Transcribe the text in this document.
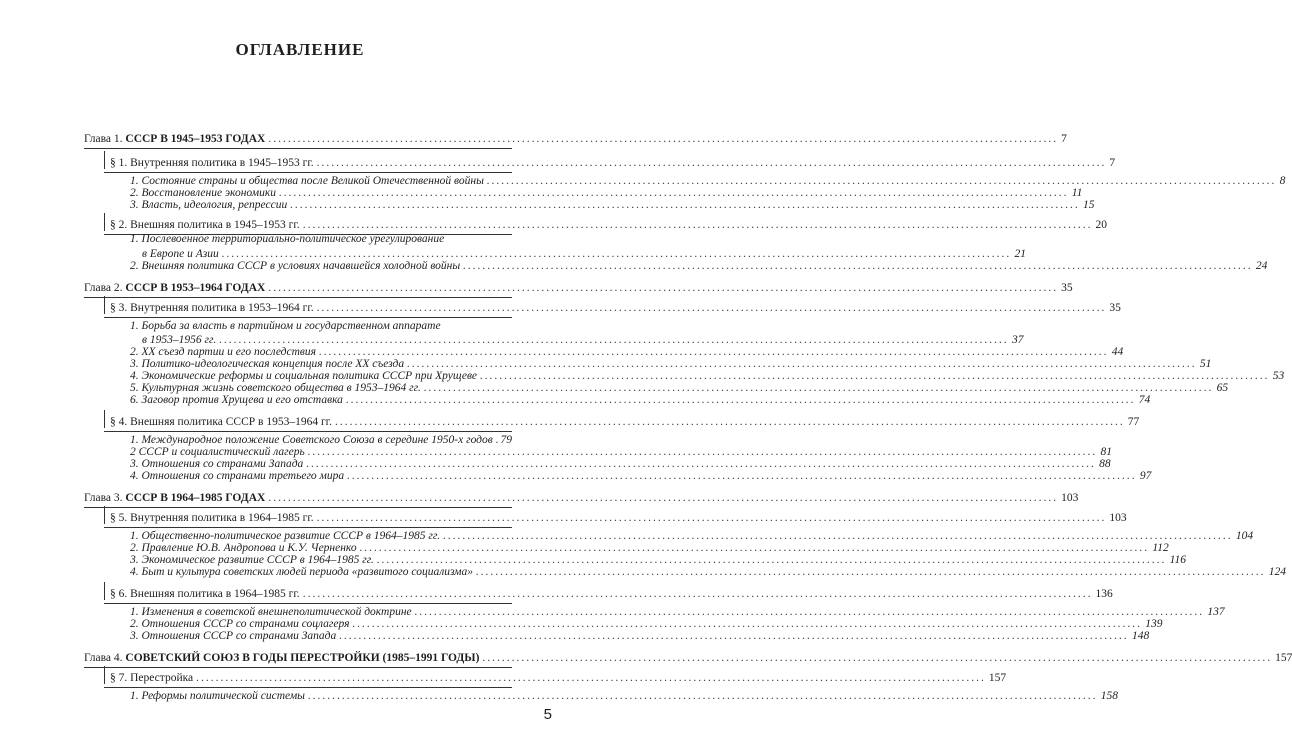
ОГЛАВЛЕНИЕ
Глава 1. СССР В 1945–1953 ГОДАХ .................................................................................................................................................................. 7
§ 1. Внутренняя политика в 1945–1953 гг. .................................................................................................................................................................. 7
1. Состояние страны и общества после Великой Отечественной войны .................................................................................................................................................................. 8
2. Восстановление экономики .................................................................................................................................................................. 11
3. Власть, идеология, репрессии .................................................................................................................................................................. 15
§ 2. Внешняя политика в 1945–1953 гг. .................................................................................................................................................................. 20
1. Послевоенное территориально-политическое урегулирование
в Европе и Азии .................................................................................................................................................................. 21
2. Внешняя политика СССР в условиях начавшейся холодной войны .................................................................................................................................................................. 24
Глава 2. СССР В 1953–1964 ГОДАХ .................................................................................................................................................................. 35
§ 3. Внутренняя политика в 1953–1964 гг. .................................................................................................................................................................. 35
1. Борьба за власть в партийном и государственном аппарате
в 1953–1956 гг. .................................................................................................................................................................. 37
2. XX съезд партии и его последствия .................................................................................................................................................................. 44
3. Политико-идеологическая концепция после XX съезда .................................................................................................................................................................. 51
4. Экономические реформы и социальная политика СССР при Хрущеве .................................................................................................................................................................. 53
5. Культурная жизнь советского общества в 1953–1964 гг. .................................................................................................................................................................. 65
6. Заговор против Хрущева и его отставка .................................................................................................................................................................. 74
§ 4. Внешняя политика СССР в 1953–1964 гг. .................................................................................................................................................................. 77
1. Международное положение Советского Союза в середине 1950-х годов 79
2 СССР и социалистический лагерь .................................................................................................................................................................. 81
3. Отношения со странами Запада .................................................................................................................................................................. 88
4. Отношения со странами третьего мира .................................................................................................................................................................. 97
Глава 3. СССР В 1964–1985 ГОДАХ .................................................................................................................................................................. 103
§ 5. Внутренняя политика в 1964–1985 гг. .................................................................................................................................................................. 103
1. Общественно-политическое развитие СССР в 1964–1985 гг. .................................................................................................................................................................. 104
2. Правление Ю.В. Андропова и К.У. Черненко .................................................................................................................................................................. 112
3. Экономическое развитие СССР в 1964–1985 гг. .................................................................................................................................................................. 116
4. Быт и культура советских людей периода «развитого социализма» .................................................................................................................................................................. 124
§ 6. Внешняя политика в 1964–1985 гг. .................................................................................................................................................................. 136
1. Изменения в советской внешнеполитической доктрине .................................................................................................................................................................. 137
2. Отношения СССР со странами соцлагеря .................................................................................................................................................................. 139
3. Отношения СССР со странами Запада .................................................................................................................................................................. 148
Глава 4. СОВЕТСКИЙ СОЮЗ В ГОДЫ ПЕРЕСТРОЙКИ (1985–1991 ГОДЫ) .................................................................................................................................................................. 157
§ 7. Перестройка .................................................................................................................................................................. 157
1. Реформы политической системы .................................................................................................................................................................. 158
5
